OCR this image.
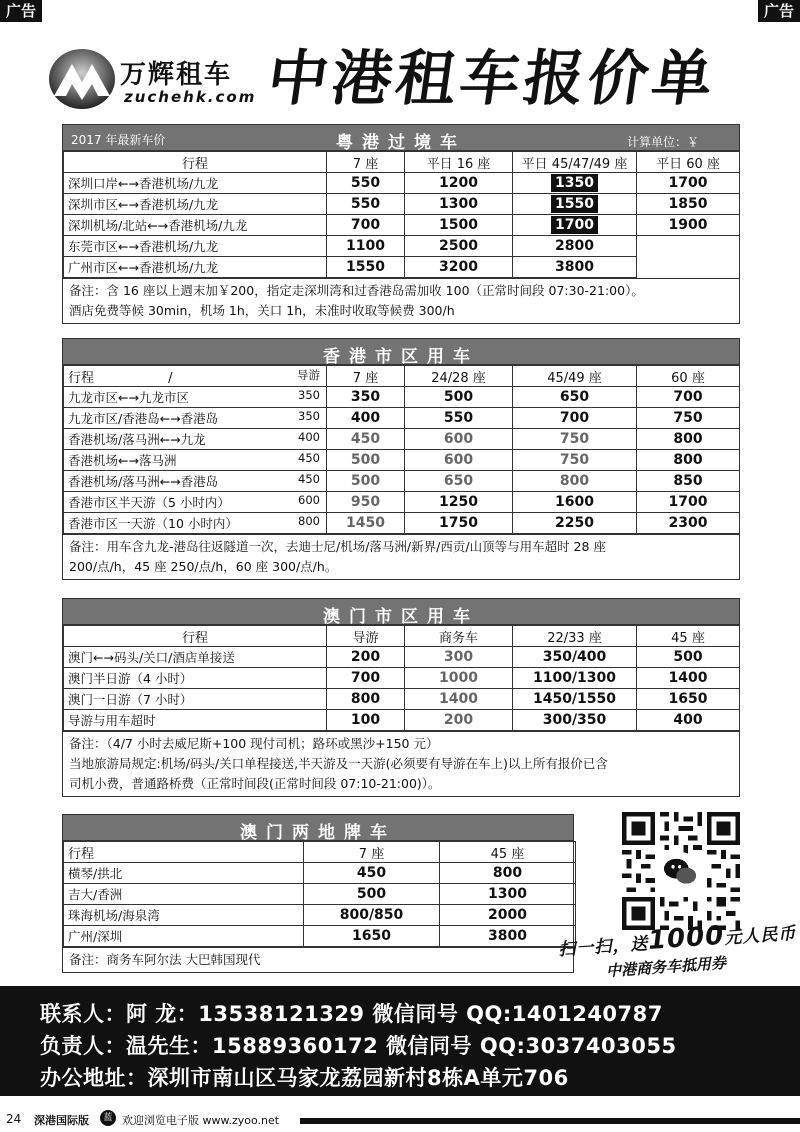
广告	广告
万辉租车
zuchehk.com 中港租车报价单
2017 年最新车价	粤港过境车	计算单位：￥
行程	7 座	平日 16 座	平日 45/47/49 座	平日 60 座
深圳口岸←→香港机场/九龙	550	1200	1350	1700
深圳市区←→香港机场/九龙	550	1300	1550	1850
深圳机场/北站←→香港机场/九龙	700	1500	1700	1900
东莞市区←→香港机场/九龙	1100	2500	2800	
广州市区←→香港机场/九龙	1550	3200	3800	
备注：含 16 座以上週末加￥200，指定走深圳湾和过香港岛需加收 100（正常时间段 07:30-21:00）。
酒店免费等候 30min，机场 1h，关口 1h，未准时收取等候费 300/h
香港市区用车
行程 / 导游	7 座	24/28 座	45/49 座	60 座
九龙市区←→九龙市区 350	350	500	650	700
九龙市区/香港岛←→香港岛 350	400	550	700	750
香港机场/落马洲←→九龙 400	450	600	750	800
香港机场←→落马洲 450	500	600	750	800
香港机场/落马洲←→香港岛 450	500	650	800	850
香港市区半天游（5 小时内） 600	950	1250	1600	1700
香港市区一天游（10 小时内） 800	1450	1750	2250	2300
备注：用车含九龙-港岛往返隧道一次，去迪士尼/机场/落马洲/新界/西贡/山顶等与用车超时 28 座
200/点/h，45 座 250/点/h，60 座 300/点/h。
澳门市区用车
行程	导游	商务车	22/33 座	45 座
澳门←→码头/关口/酒店单接送	200	300	350/400	500
澳门半日游（4 小时）	700	1000	1100/1300	1400
澳门一日游（7 小时）	800	1400	1450/1550	1650
导游与用车超时	100	200	300/350	400
备注：（4/7 小时去威尼斯+100 现付司机；路环或黑沙+150 元）
当地旅游局规定:机场/码头/关口单程接送,半天游及一天游(必须要有导游在车上)以上所有报价已含
司机小费，普通路桥费（正常时间段(正常时间段 07:10-21:00)）。
澳门两地牌车
行程	7 座	45 座
横琴/拱北	450	800
吉大/香洲	500	1300
珠海机场/海泉湾	800/850	2000
广州/深圳	1650	3800
备注：商务车阿尔法 大巴韩国现代	扫一扫，送1000元人民币
中港商务车抵用券
联系人：阿 龙：13538121329 微信同号 QQ:1401240787
负责人：温先生：15889360172 微信同号 QQ:3037403055
办公地址：深圳市南山区马家龙荔园新村8栋A单元706
24 深港国际版	蓝 欢迎浏览电子版 www.zyoo.net
